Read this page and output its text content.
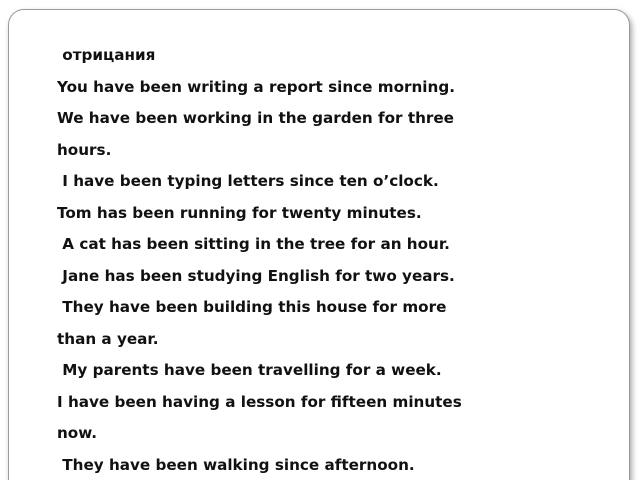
отрицания
You have been writing a report since morning.
We have been working in the garden for three
hours.
I have been typing letters since ten o’clock.
Tom has been running for twenty minutes.
A cat has been sitting in the tree for an hour.
Jane has been studying English for two years.
They have been building this house for more
than a year.
My parents have been travelling for a week.
I have been having a lesson for fifteen minutes
now.
They have been walking since afternoon.
